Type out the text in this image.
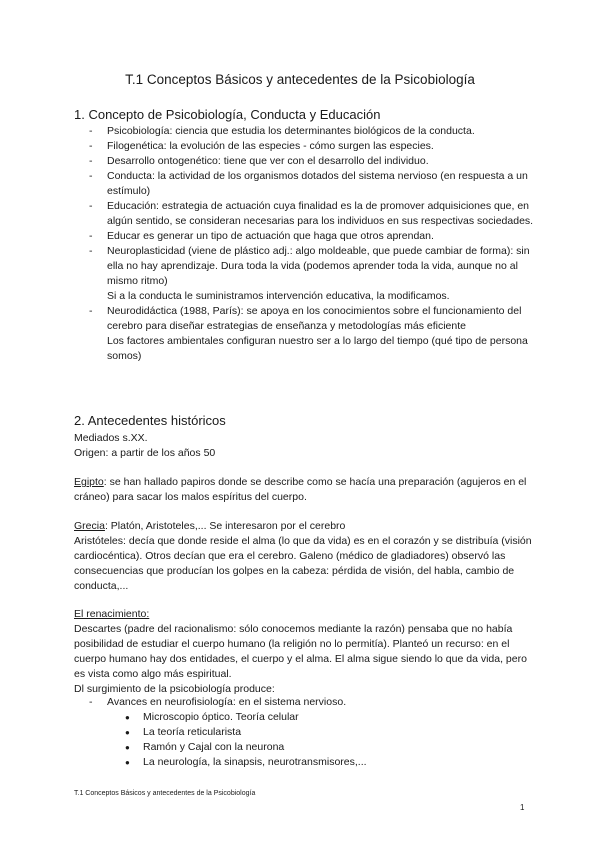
T.1 Conceptos Básicos y antecedentes de la Psicobiología
1. Concepto de Psicobiología, Conducta y Educación
- Psicobiología: ciencia que estudia los determinantes biológicos de la conducta.
- Filogenética: la evolución de las especies - cómo surgen las especies.
- Desarrollo ontogenético: tiene que ver con el desarrollo del individuo.
- Conducta: la actividad de los organismos dotados del sistema nervioso (en respuesta a un estímulo)
- Educación: estrategia de actuación cuya finalidad es la de promover adquisiciones que, en algún sentido, se consideran necesarias para los individuos en sus respectivas sociedades.
- Educar es generar un tipo de actuación que haga que otros aprendan.
- Neuroplasticidad (viene de plástico adj.: algo moldeable, que puede cambiar de forma): sin ella no hay aprendizaje. Dura toda la vida (podemos aprender toda la vida, aunque no al mismo ritmo)
Si a la conducta le suministramos intervención educativa, la modificamos.
- Neurodidáctica (1988, París): se apoya en los conocimientos sobre el funcionamiento del cerebro para diseñar estrategias de enseñanza y metodologías más eficiente
Los factores ambientales configuran nuestro ser a lo largo del tiempo (qué tipo de persona somos)
2. Antecedentes históricos

Mediados s.XX.
Origen: a partir de los años 50

Egipto: se han hallado papiros donde se describe como se hacía una preparación (agujeros en el cráneo) para sacar los malos espíritus del cuerpo.

Grecia: Platón, Aristoteles,... Se interesaron por el cerebro
Aristóteles: decía que donde reside el alma (lo que da vida) es en el corazón y se distribuía (visión cardiocéntica). Otros decían que era el cerebro. Galeno (médico de gladiadores) observó las consecuencias que producían los golpes en la cabeza: pérdida de visión, del habla, cambio de conducta,...

El renacimiento:
Descartes (padre del racionalismo: sólo conocemos mediante la razón) pensaba que no había posibilidad de estudiar el cuerpo humano (la religión no lo permitía). Planteó un recurso: en el cuerpo humano hay dos entidades, el cuerpo y el alma. El alma sigue siendo lo que da vida, pero es vista como algo más espiritual.
Dl surgimiento de la psicobiología produce:

- Avances en neurofisiología: en el sistema nervioso.
● Microscopio óptico. Teoría celular
● La teoría reticularista
● Ramón y Cajal con la neurona
● La neurología, la sinapsis, neurotransmisores,...
T.1 Conceptos Básicos y antecedentes de la Psicobiología
1
